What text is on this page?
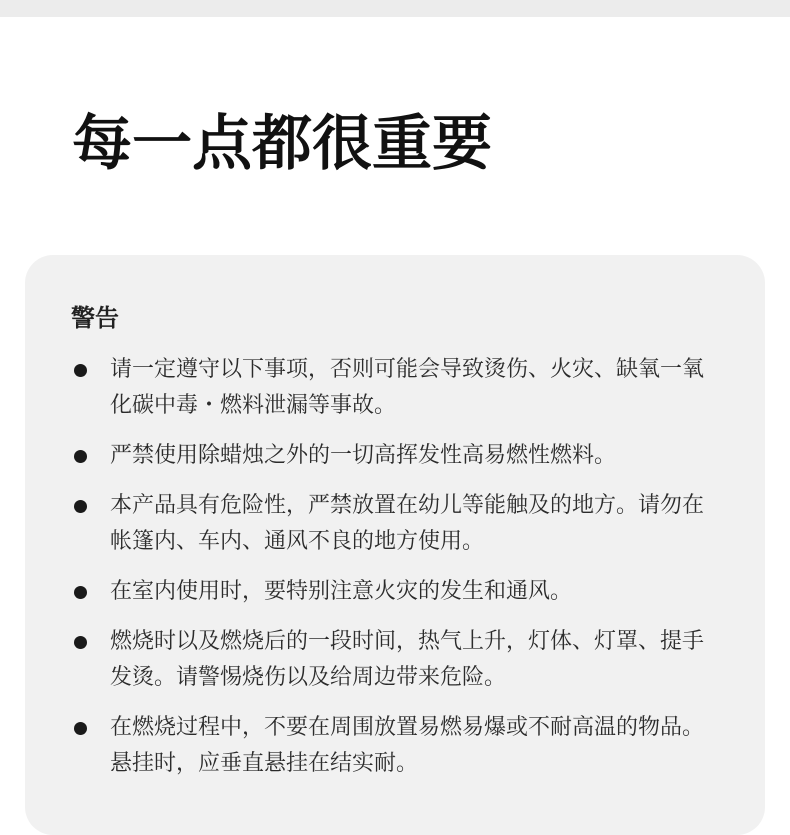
每一点都很重要
警告
请一定遵守以下事项，否则可能会导致烫伤、火灾、缺氧一氧化碳中毒・燃料泄漏等事故。
严禁使用除蜡烛之外的一切高挥发性高易燃性燃料。
本产品具有危险性，严禁放置在幼儿等能触及的地方。请勿在帐篷内、车内、通风不良的地方使用。
在室内使用时，要特别注意火灾的发生和通风。
燃烧时以及燃烧后的一段时间，热气上升，灯体、灯罩、提手发烫。请警惕烧伤以及给周边带来危险。
在燃烧过程中，不要在周围放置易燃易爆或不耐高温的物品。悬挂时，应垂直悬挂在结实耐。
